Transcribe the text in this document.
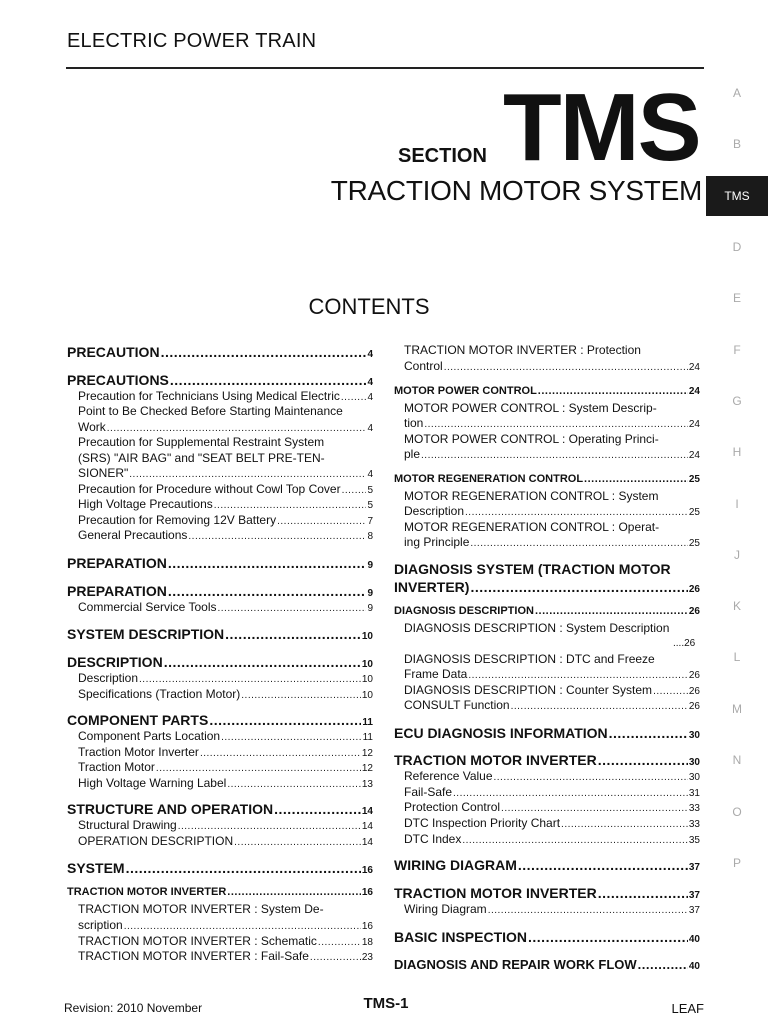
ELECTRIC POWER TRAIN
SECTION TMS
TRACTION MOTOR SYSTEM
CONTENTS
A
B
TMS
D
E
F
G
H
I
J
K
L
M
N
O
P
PRECAUTION .....	4
PRECAUTIONS .....	4
Precaution for Technicians Using Medical Electric .....	4
Point to Be Checked Before Starting Maintenance
Work .....	4
Precaution for Supplemental Restraint System
(SRS) "AIR BAG" and "SEAT BELT PRE-TEN-
SIONER" .....	4
Precaution for Procedure without Cowl Top Cover .....	5
High Voltage Precautions .....	5
Precaution for Removing 12V Battery .....	7
General Precautions .....	8
PREPARATION .....	9
PREPARATION .....	9
Commercial Service Tools .....	9
SYSTEM DESCRIPTION .....	10
DESCRIPTION .....	10
Description .....	10
Specifications (Traction Motor) .....	10
COMPONENT PARTS .....	11
Component Parts Location .....	11
Traction Motor Inverter .....	12
Traction Motor .....	12
High Voltage Warning Label .....	13
STRUCTURE AND OPERATION .....	14
Structural Drawing .....	14
OPERATION DESCRIPTION .....	14
SYSTEM .....	16
TRACTION MOTOR INVERTER .....	16
TRACTION MOTOR INVERTER : System De-
scription .....	16
TRACTION MOTOR INVERTER : Schematic .....	18
TRACTION MOTOR INVERTER : Fail-Safe .....	23
TRACTION MOTOR INVERTER : Protection
Control .....	24
MOTOR POWER CONTROL .....	24
MOTOR POWER CONTROL : System Descrip-
tion .....	24
MOTOR POWER CONTROL : Operating Princi-
ple .....	24
MOTOR REGENERATION CONTROL .....	25
MOTOR REGENERATION CONTROL : System
Description .....	25
MOTOR REGENERATION CONTROL : Operat-
ing Principle .....	25
DIAGNOSIS SYSTEM (TRACTION MOTOR
INVERTER) .....	26
DIAGNOSIS DESCRIPTION .....	26
DIAGNOSIS DESCRIPTION : System Description
....26
DIAGNOSIS DESCRIPTION : DTC and Freeze
Frame Data .....	26
DIAGNOSIS DESCRIPTION : Counter System .....	26
CONSULT Function .....	26
ECU DIAGNOSIS INFORMATION .....	30
TRACTION MOTOR INVERTER .....	30
Reference Value .....	30
Fail-Safe .....	31
Protection Control .....	33
DTC Inspection Priority Chart .....	33
DTC Index .....	35
WIRING DIAGRAM .....	37
TRACTION MOTOR INVERTER .....	37
Wiring Diagram .....	37
BASIC INSPECTION .....	40
DIAGNOSIS AND REPAIR WORK FLOW .....	40
Revision: 2010 November	TMS-1	LEAF
